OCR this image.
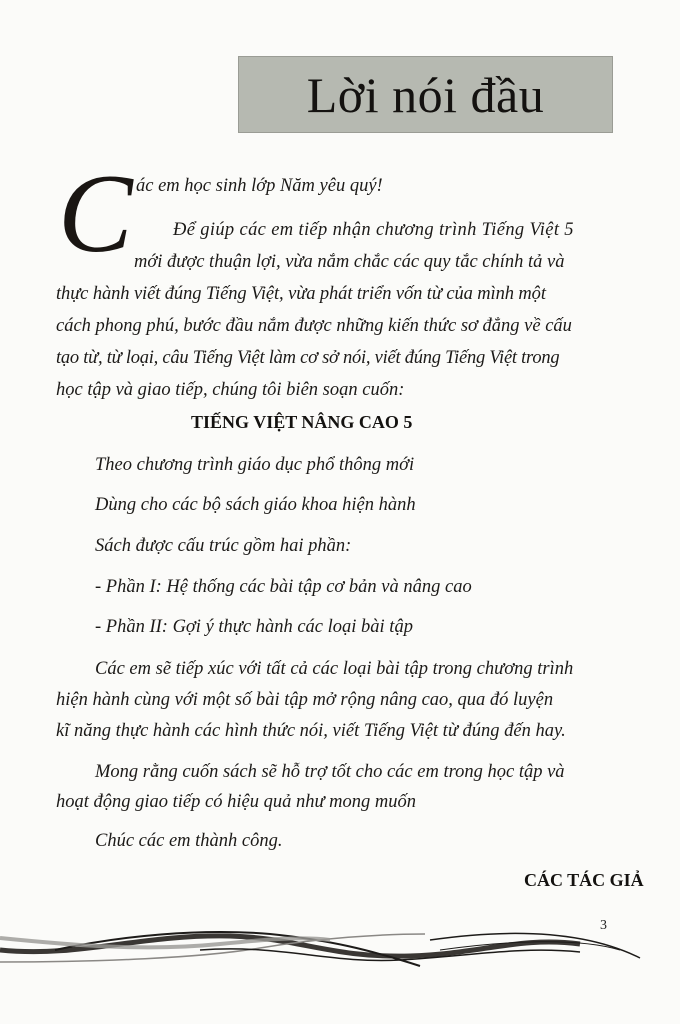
Lời nói đầu
C ác em học sinh lớp Năm yêu quý!
Để giúp các em tiếp nhận chương trình Tiếng Việt 5
mới được thuận lợi, vừa nắm chắc các quy tắc chính tả và
thực hành viết đúng Tiếng Việt, vừa phát triển vốn từ của mình một
cách phong phú, bước đầu nắm được những kiến thức sơ đẳng về cấu
tạo từ, từ loại, câu Tiếng Việt làm cơ sở nói, viết đúng Tiếng Việt trong
học tập và giao tiếp, chúng tôi biên soạn cuốn:
TIẾNG VIỆT NÂNG CAO 5
Theo chương trình giáo dục phổ thông mới
Dùng cho các bộ sách giáo khoa hiện hành
Sách được cấu trúc gồm hai phần:
- Phần I: Hệ thống các bài tập cơ bản và nâng cao
- Phần II: Gợi ý thực hành các loại bài tập
Các em sẽ tiếp xúc với tất cả các loại bài tập trong chương trình
hiện hành cùng với một số bài tập mở rộng nâng cao, qua đó luyện
kĩ năng thực hành các hình thức nói, viết Tiếng Việt từ đúng đến hay.
Mong rằng cuốn sách sẽ hỗ trợ tốt cho các em trong học tập và
hoạt động giao tiếp có hiệu quả như mong muốn
Chúc các em thành công.
CÁC TÁC GIẢ
3
